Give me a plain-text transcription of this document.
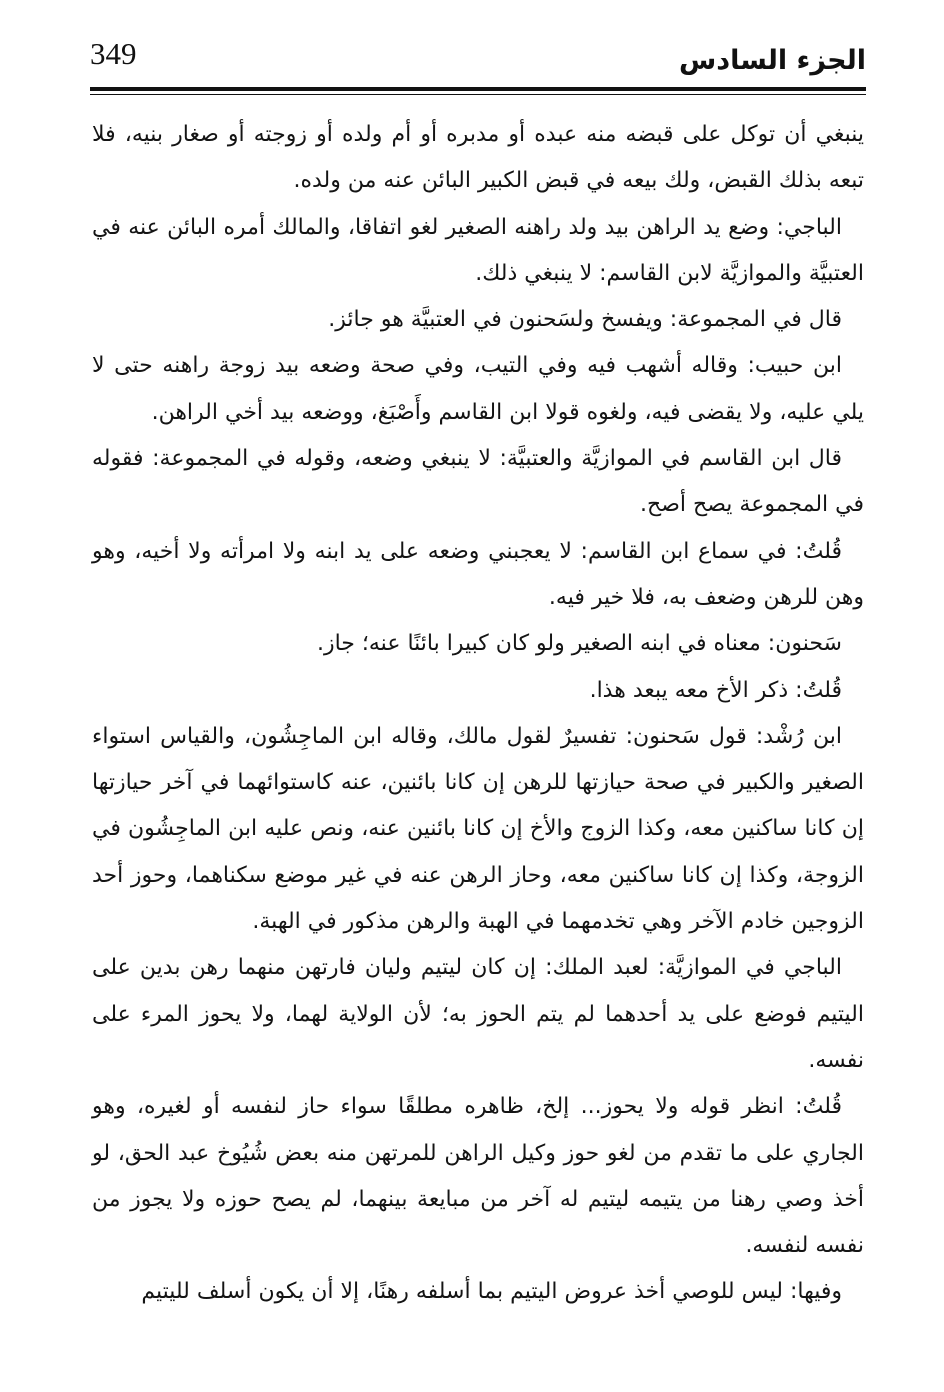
349	الجزء السادس

ينبغي أن توكل على قبضه منه عبده أو مدبره أو أم ولده أو زوجته أو صغار بنيه، فلا تبعه بذلك القبض، ولك بيعه في قبض الكبير البائن عنه من ولده.

الباجي: وضع يد الراهن بيد ولد راهنه الصغير لغو اتفاقا، والمالك أمره البائن عنه في العتبيَّة والموازيَّة لابن القاسم: لا ينبغي ذلك.

قال في المجموعة: ويفسخ ولسَحنون في العتبيَّة هو جائز.

ابن حبيب: وقاله أشهب فيه وفي التيب، وفي صحة وضعه بيد زوجة راهنه حتى لا يلي عليه، ولا يقضى فيه، ولغوه قولا ابن القاسم وأَصْبَغ، ووضعه بيد أخي الراهن.

قال ابن القاسم في الموازيَّة والعتبيَّة: لا ينبغي وضعه، وقوله في المجموعة: فقوله في المجموعة يصح أصح.

قُلتُ: في سماع ابن القاسم: لا يعجبني وضعه على يد ابنه ولا امرأته ولا أخيه، وهو وهن للرهن وضعف به، فلا خير فيه.

سَحنون: معناه في ابنه الصغير ولو كان كبيرا بائنًا عنه؛ جاز.

قُلتُ: ذكر الأخ معه يبعد هذا.

ابن رُشْد: قول سَحنون: تفسيرٌ لقول مالك، وقاله ابن الماجِشُون، والقياس استواء الصغير والكبير في صحة حيازتها للرهن إن كانا بائنين، عنه كاستوائهما في آخر حيازتها إن كانا ساكنين معه، وكذا الزوج والأخ إن كانا بائنين عنه، ونص عليه ابن الماجِشُون في الزوجة، وكذا إن كانا ساكنين معه، وحاز الرهن عنه في غير موضع سكناهما، وحوز أحد الزوجين خادم الآخر وهي تخدمهما في الهبة والرهن مذكور في الهبة.

الباجي في الموازيَّة: لعبد الملك: إن كان ليتيم وليان فارتهن منهما رهن بدين على اليتيم فوضع على يد أحدهما لم يتم الحوز به؛ لأن الولاية لهما، ولا يحوز المرء على نفسه.

قُلتُ: انظر قوله ولا يحوز... إلخ، ظاهره مطلقًا سواء حاز لنفسه أو لغيره، وهو الجاري على ما تقدم من لغو حوز وكيل الراهن للمرتهن منه بعض شُيُوخ عبد الحق، لو أخذ وصي رهنا من يتيمه ليتيم له آخر من مبايعة بينهما، لم يصح حوزه ولا يجوز من نفسه لنفسه.

وفيها: ليس للوصي أخذ عروض اليتيم بما أسلفه رهنًا، إلا أن يكون أسلف لليتيم
